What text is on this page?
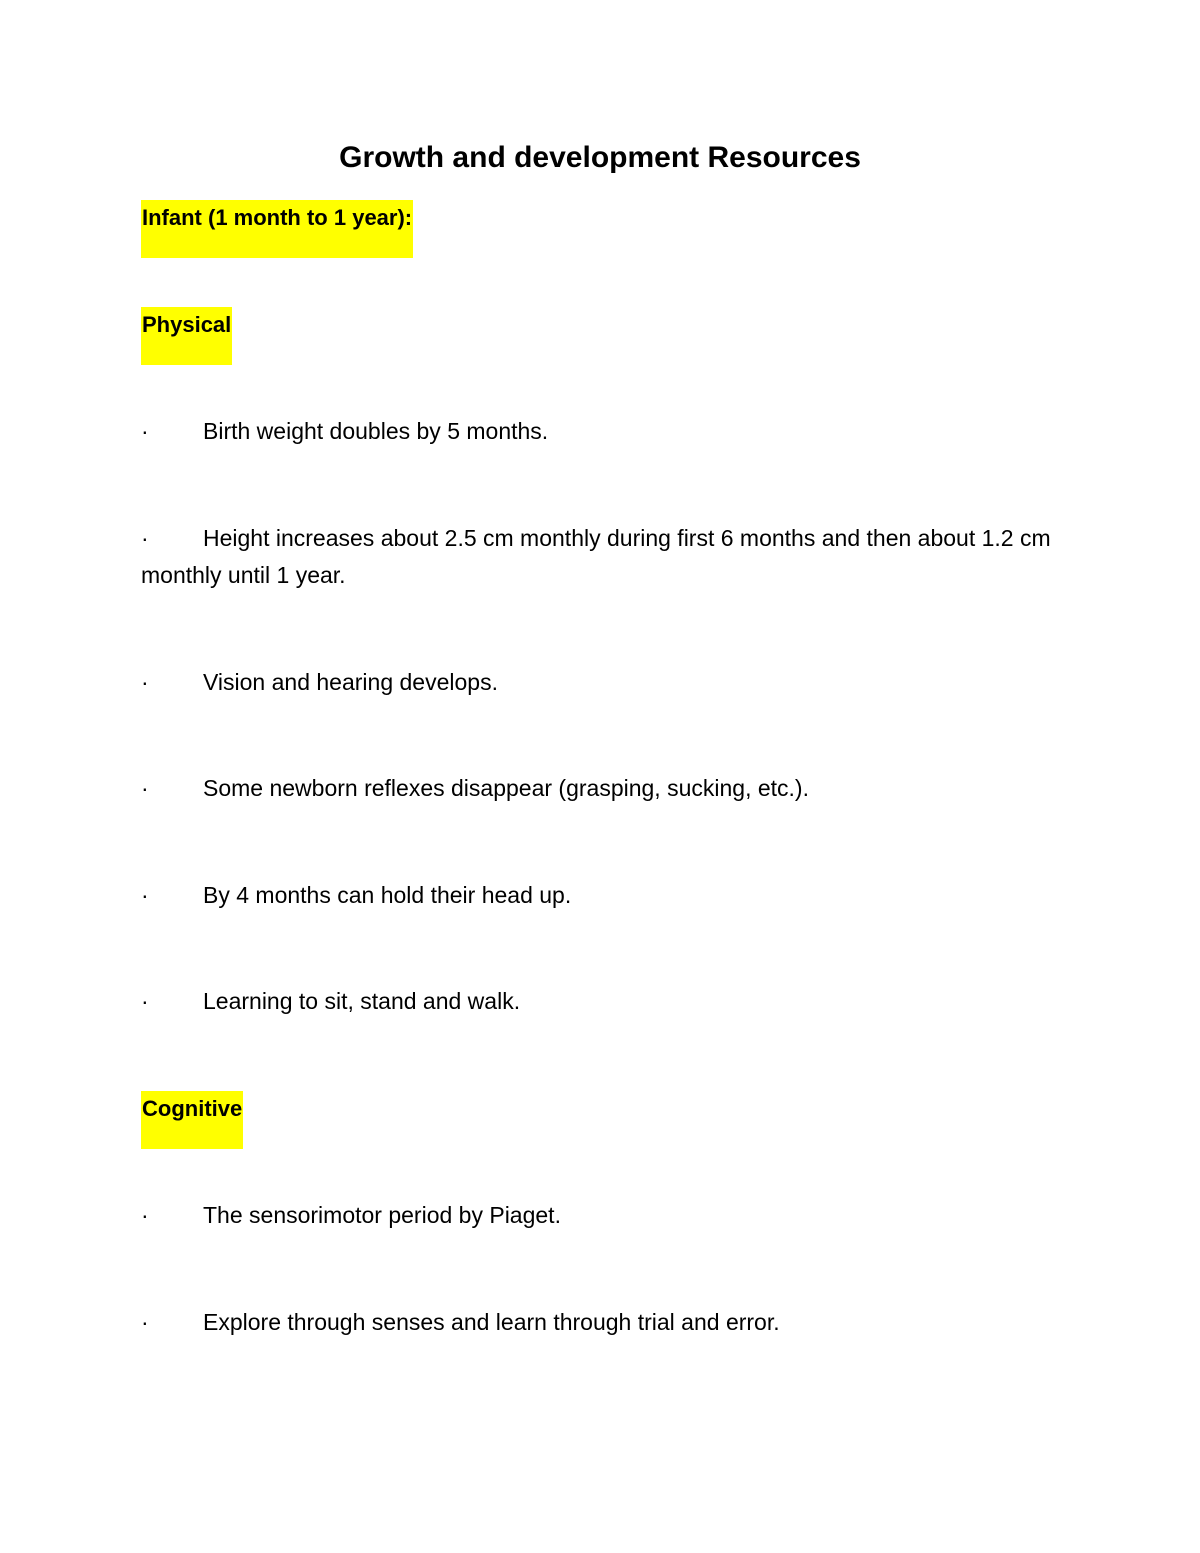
Growth and development Resources
Infant (1 month to 1 year):
Physical

· Birth weight doubles by 5 months.

· Height increases about 2.5 cm monthly during first 6 months and then about 1.2 cm monthly until 1 year.

· Vision and hearing develops.

· Some newborn reflexes disappear (grasping, sucking, etc.).

· By 4 months can hold their head up.

· Learning to sit, stand and walk.

Cognitive

· The sensorimotor period by Piaget.

· Explore through senses and learn through trial and error.
